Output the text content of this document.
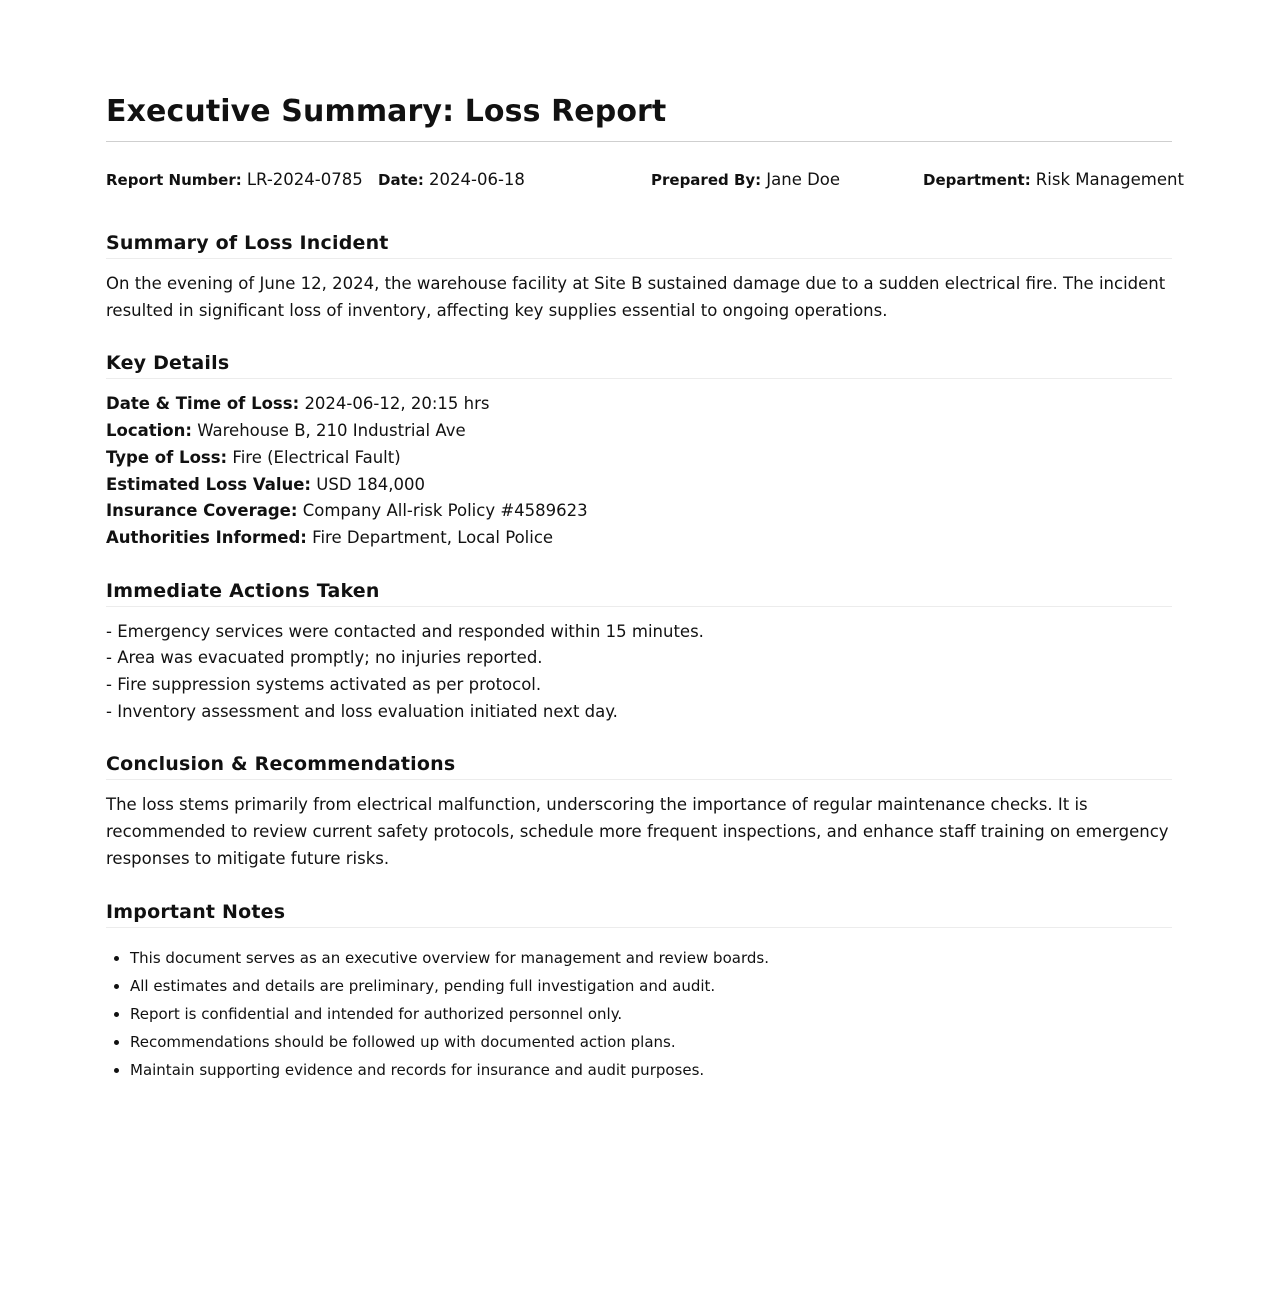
Executive Summary: Loss Report
Report Number: LR-2024-0785 Date: 2024-06-18	Prepared By: Jane Doe	Department: Risk Management
Summary of Loss Incident

On the evening of June 12, 2024, the warehouse facility at Site B sustained damage due to a sudden electrical fire. The incident resulted in significant loss of inventory, affecting key supplies essential to ongoing operations.

Key Details
Date & Time of Loss: 2024-06-12, 20:15 hrs
Location: Warehouse B, 210 Industrial Ave
Type of Loss: Fire (Electrical Fault)
Estimated Loss Value: USD 184,000
Insurance Coverage: Company All-risk Policy #4589623
Authorities Informed: Fire Department, Local Police
Immediate Actions Taken
- Emergency services were contacted and responded within 15 minutes.
- Area was evacuated promptly; no injuries reported.
- Fire suppression systems activated as per protocol.
- Inventory assessment and loss evaluation initiated next day.
Conclusion & Recommendations

The loss stems primarily from electrical malfunction, underscoring the importance of regular maintenance checks. It is recommended to review current safety protocols, schedule more frequent inspections, and enhance staff training on emergency responses to mitigate future risks.

Important Notes
• This document serves as an executive overview for management and review boards.
• All estimates and details are preliminary, pending full investigation and audit.
• Report is confidential and intended for authorized personnel only.
• Recommendations should be followed up with documented action plans.
• Maintain supporting evidence and records for insurance and audit purposes.
